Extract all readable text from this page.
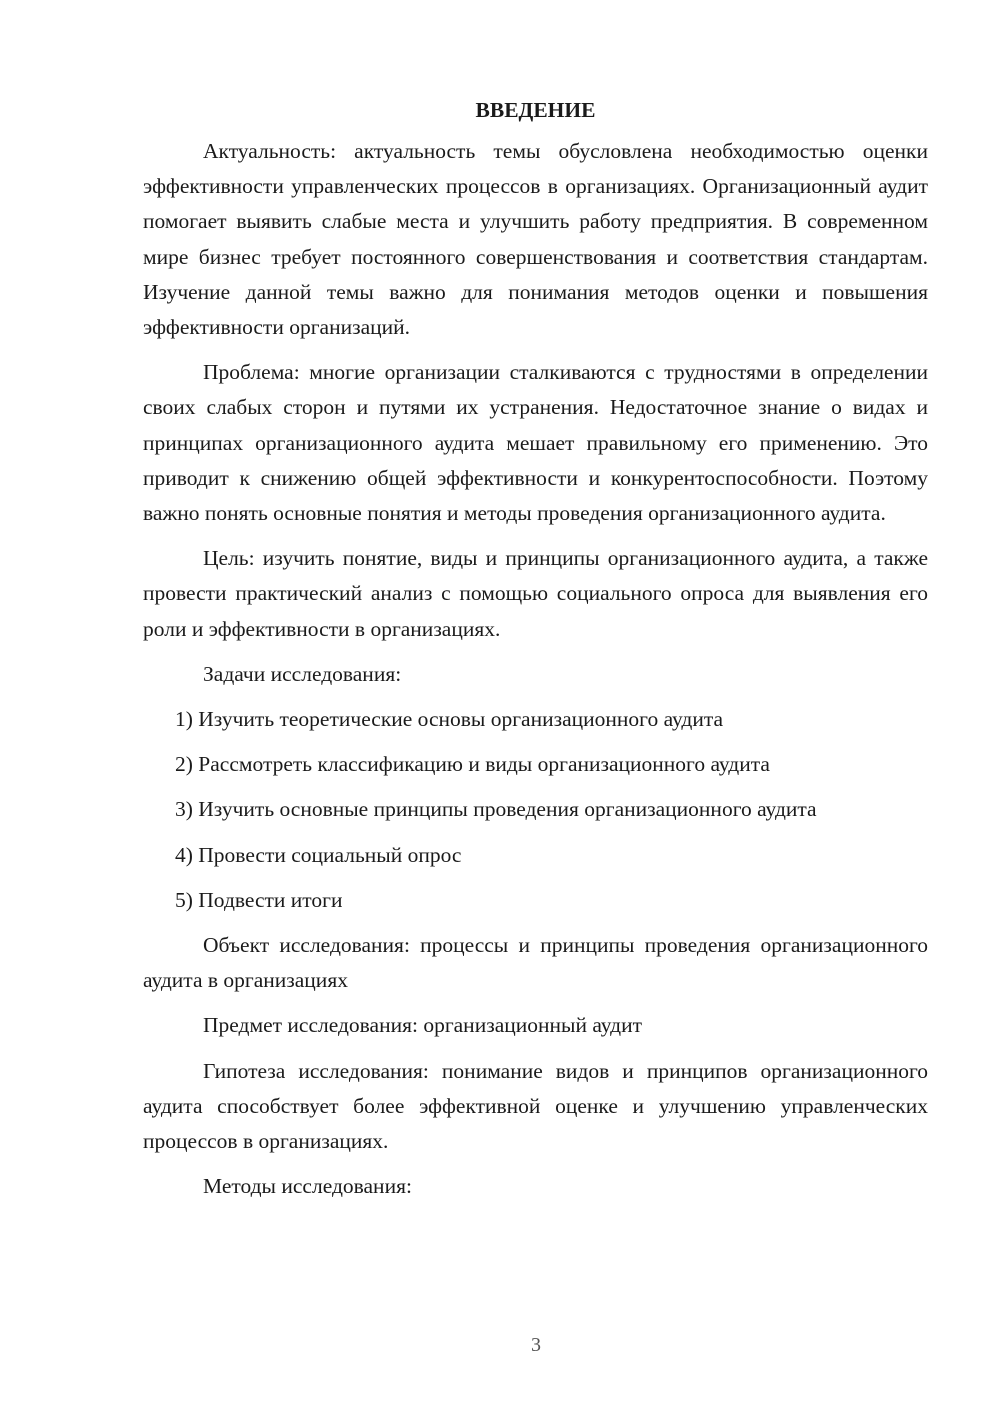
ВВЕДЕНИЕ

Актуальность: актуальность темы обусловлена необходимостью оценки эффективности управленческих процессов в организациях. Организационный аудит помогает выявить слабые места и улучшить работу предприятия. В современном мире бизнес требует постоянного совершенствования и соответствия стандартам. Изучение данной темы важно для понимания методов оценки и повышения эффективности организаций.

Проблема: многие организации сталкиваются с трудностями в определении своих слабых сторон и путями их устранения. Недостаточное знание о видах и принципах организационного аудита мешает правильному его применению. Это приводит к снижению общей эффективности и конкурентоспособности. Поэтому важно понять основные понятия и методы проведения организационного аудита.

Цель: изучить понятие, виды и принципы организационного аудита, а также провести практический анализ с помощью социального опроса для выявления его роли и эффективности в организациях.

Задачи исследования:

1) Изучить теоретические основы организационного аудита
2) Рассмотреть классификацию и виды организационного аудита
3) Изучить основные принципы проведения организационного аудита
4) Провести социальный опрос
5) Подвести итоги

Объект исследования: процессы и принципы проведения организационного аудита в организациях

Предмет исследования: организационный аудит

Гипотеза исследования: понимание видов и принципов организационного аудита способствует более эффективной оценке и улучшению управленческих процессов в организациях.

Методы исследования:

3
